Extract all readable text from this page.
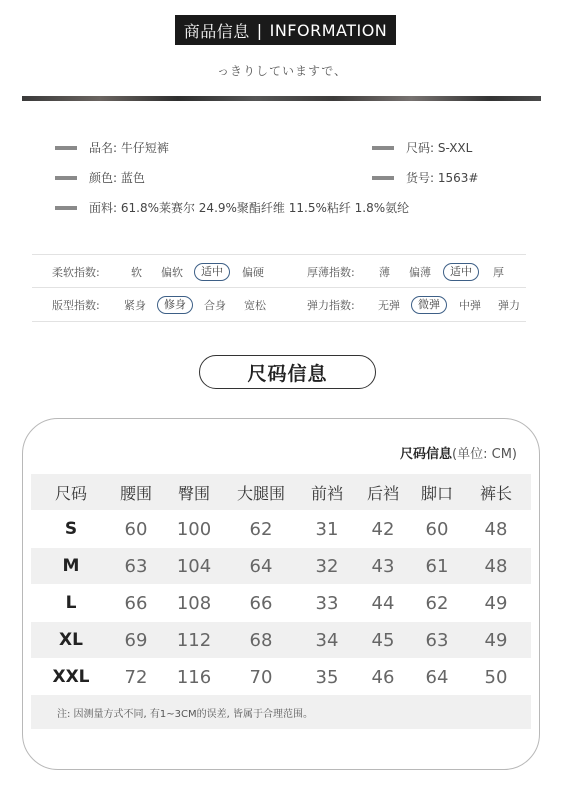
商品信息 | INFORMATION
っきりしていますで、
品名: 牛仔短裤	尺码: S-XXL
颜色: 蓝色	货号: 1563#
面料: 61.8%莱赛尔 24.9%聚酯纤维 11.5%粘纤 1.8%氨纶
柔软指数:	软 偏软	适中	偏硬	厚薄指数: 薄 偏薄	适中	厚
版型指数: 紧身	修身	合身 宽松	弹力指数: 无弹	微弹	中弹 弹力
尺码信息
尺码信息(单位: CM)
尺码	腰围	臀围	大腿围	前裆	后裆	脚口	裤长
S	60	100	62	31	42	60	48
M	63	104	64	32	43	61	48
L	66	108	66	33	44	62	49
XL	69	112	68	34	45	63	49
XXL	72	116	70	35	46	64	50
注: 因测量方式不同, 有1~3CM的误差, 皆属于合理范围。
